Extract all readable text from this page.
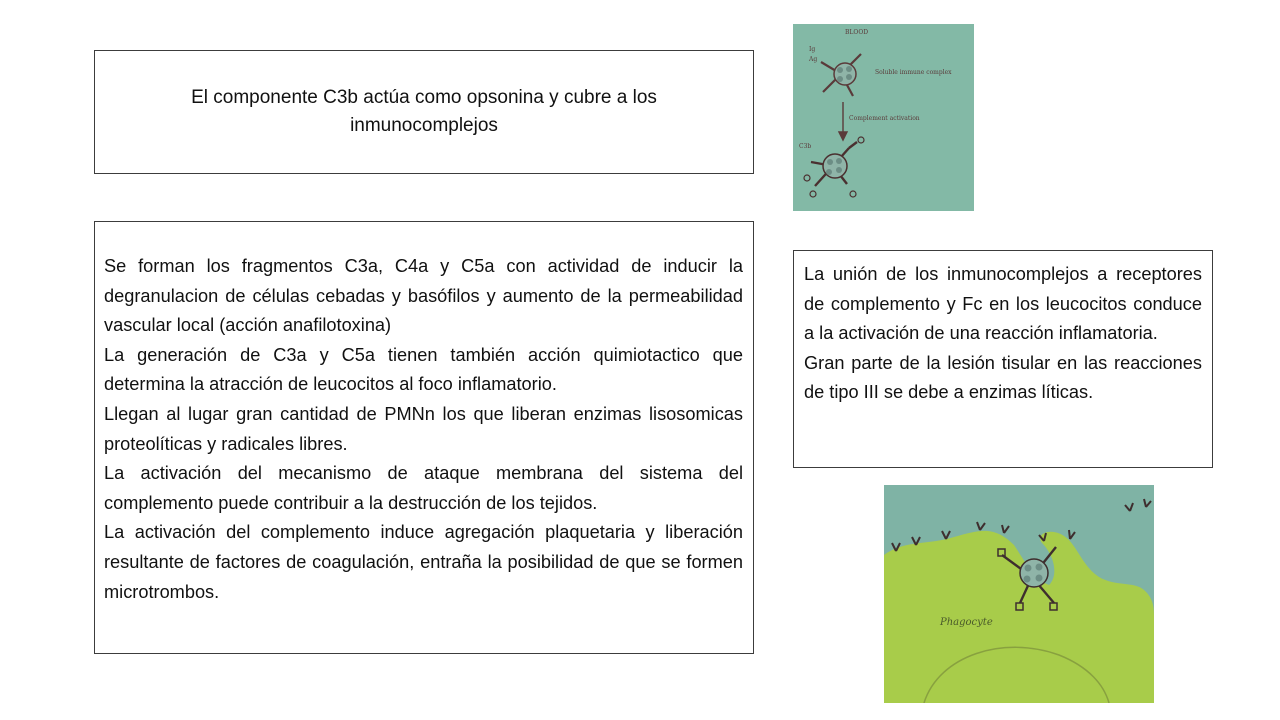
El componente C3b actúa como opsonina y cubre a los inmunocomplejos

Se forman los fragmentos C3a, C4a y C5a con actividad de inducir la degranulacion de células cebadas y basófilos y aumento de la permeabilidad vascular local (acción anafilotoxina)

La generación de C3a y C5a tienen también acción quimiotactico que determina la atracción de leucocitos al foco inflamatorio.

Llegan al lugar gran cantidad de PMNn los que liberan enzimas lisosomicas proteolíticas y radicales libres.

La activación del mecanismo de ataque membrana del sistema del complemento puede contribuir a la destrucción de los tejidos.

La activación del complemento induce agregación plaquetaria y liberación resultante de factores de coagulación, entraña la posibilidad de que se formen microtrombos.

La unión de los inmunocomplejos a receptores de complemento y Fc en los leucocitos conduce a la activación de una reacción inflamatoria.

Gran parte de la lesión tisular en las reacciones de tipo III se debe a enzimas líticas.

BLOOD
Ig
Ag
Soluble immune complex
Complement activation
C3b
Phagocyte
